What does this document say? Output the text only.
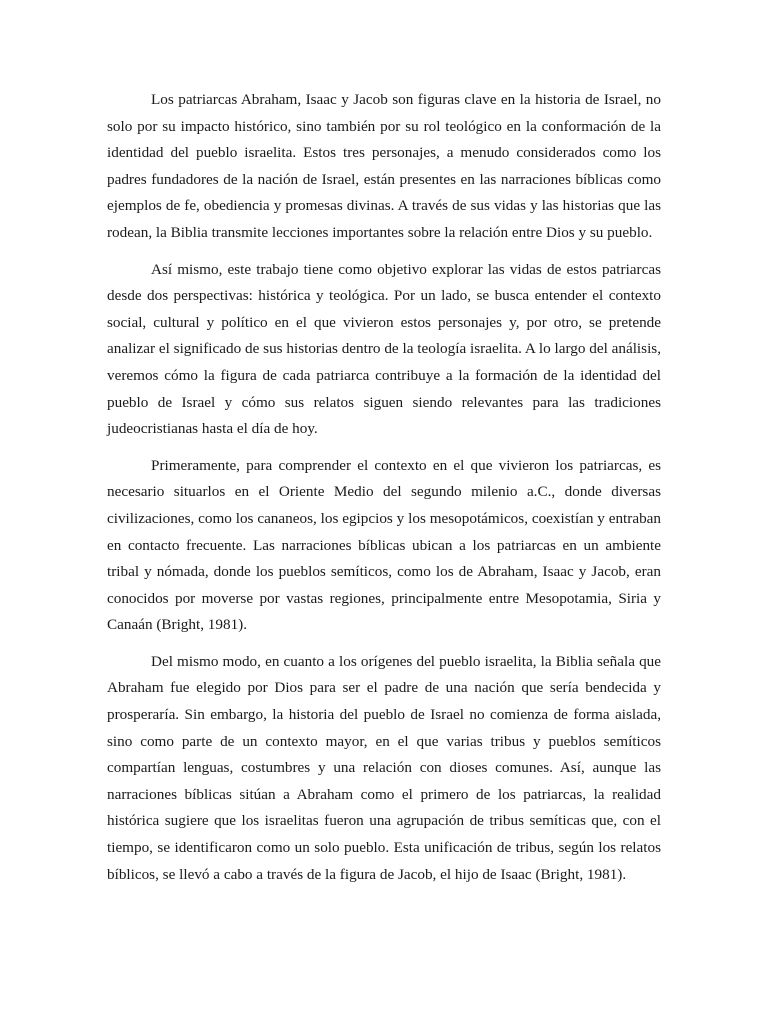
Los patriarcas Abraham, Isaac y Jacob son figuras clave en la historia de Israel, no solo por su impacto histórico, sino también por su rol teológico en la conformación de la identidad del pueblo israelita. Estos tres personajes, a menudo considerados como los padres fundadores de la nación de Israel, están presentes en las narraciones bíblicas como ejemplos de fe, obediencia y promesas divinas. A través de sus vidas y las historias que las rodean, la Biblia transmite lecciones importantes sobre la relación entre Dios y su pueblo.

Así mismo, este trabajo tiene como objetivo explorar las vidas de estos patriarcas desde dos perspectivas: histórica y teológica. Por un lado, se busca entender el contexto social, cultural y político en el que vivieron estos personajes y, por otro, se pretende analizar el significado de sus historias dentro de la teología israelita. A lo largo del análisis, veremos cómo la figura de cada patriarca contribuye a la formación de la identidad del pueblo de Israel y cómo sus relatos siguen siendo relevantes para las tradiciones judeocristianas hasta el día de hoy.

Primeramente, para comprender el contexto en el que vivieron los patriarcas, es necesario situarlos en el Oriente Medio del segundo milenio a.C., donde diversas civilizaciones, como los cananeos, los egipcios y los mesopotámicos, coexistían y entraban en contacto frecuente. Las narraciones bíblicas ubican a los patriarcas en un ambiente tribal y nómada, donde los pueblos semíticos, como los de Abraham, Isaac y Jacob, eran conocidos por moverse por vastas regiones, principalmente entre Mesopotamia, Siria y Canaán (Bright, 1981).

Del mismo modo, en cuanto a los orígenes del pueblo israelita, la Biblia señala que Abraham fue elegido por Dios para ser el padre de una nación que sería bendecida y prosperaría. Sin embargo, la historia del pueblo de Israel no comienza de forma aislada, sino como parte de un contexto mayor, en el que varias tribus y pueblos semíticos compartían lenguas, costumbres y una relación con dioses comunes. Así, aunque las narraciones bíblicas sitúan a Abraham como el primero de los patriarcas, la realidad histórica sugiere que los israelitas fueron una agrupación de tribus semíticas que, con el tiempo, se identificaron como un solo pueblo. Esta unificación de tribus, según los relatos bíblicos, se llevó a cabo a través de la figura de Jacob, el hijo de Isaac (Bright, 1981).
